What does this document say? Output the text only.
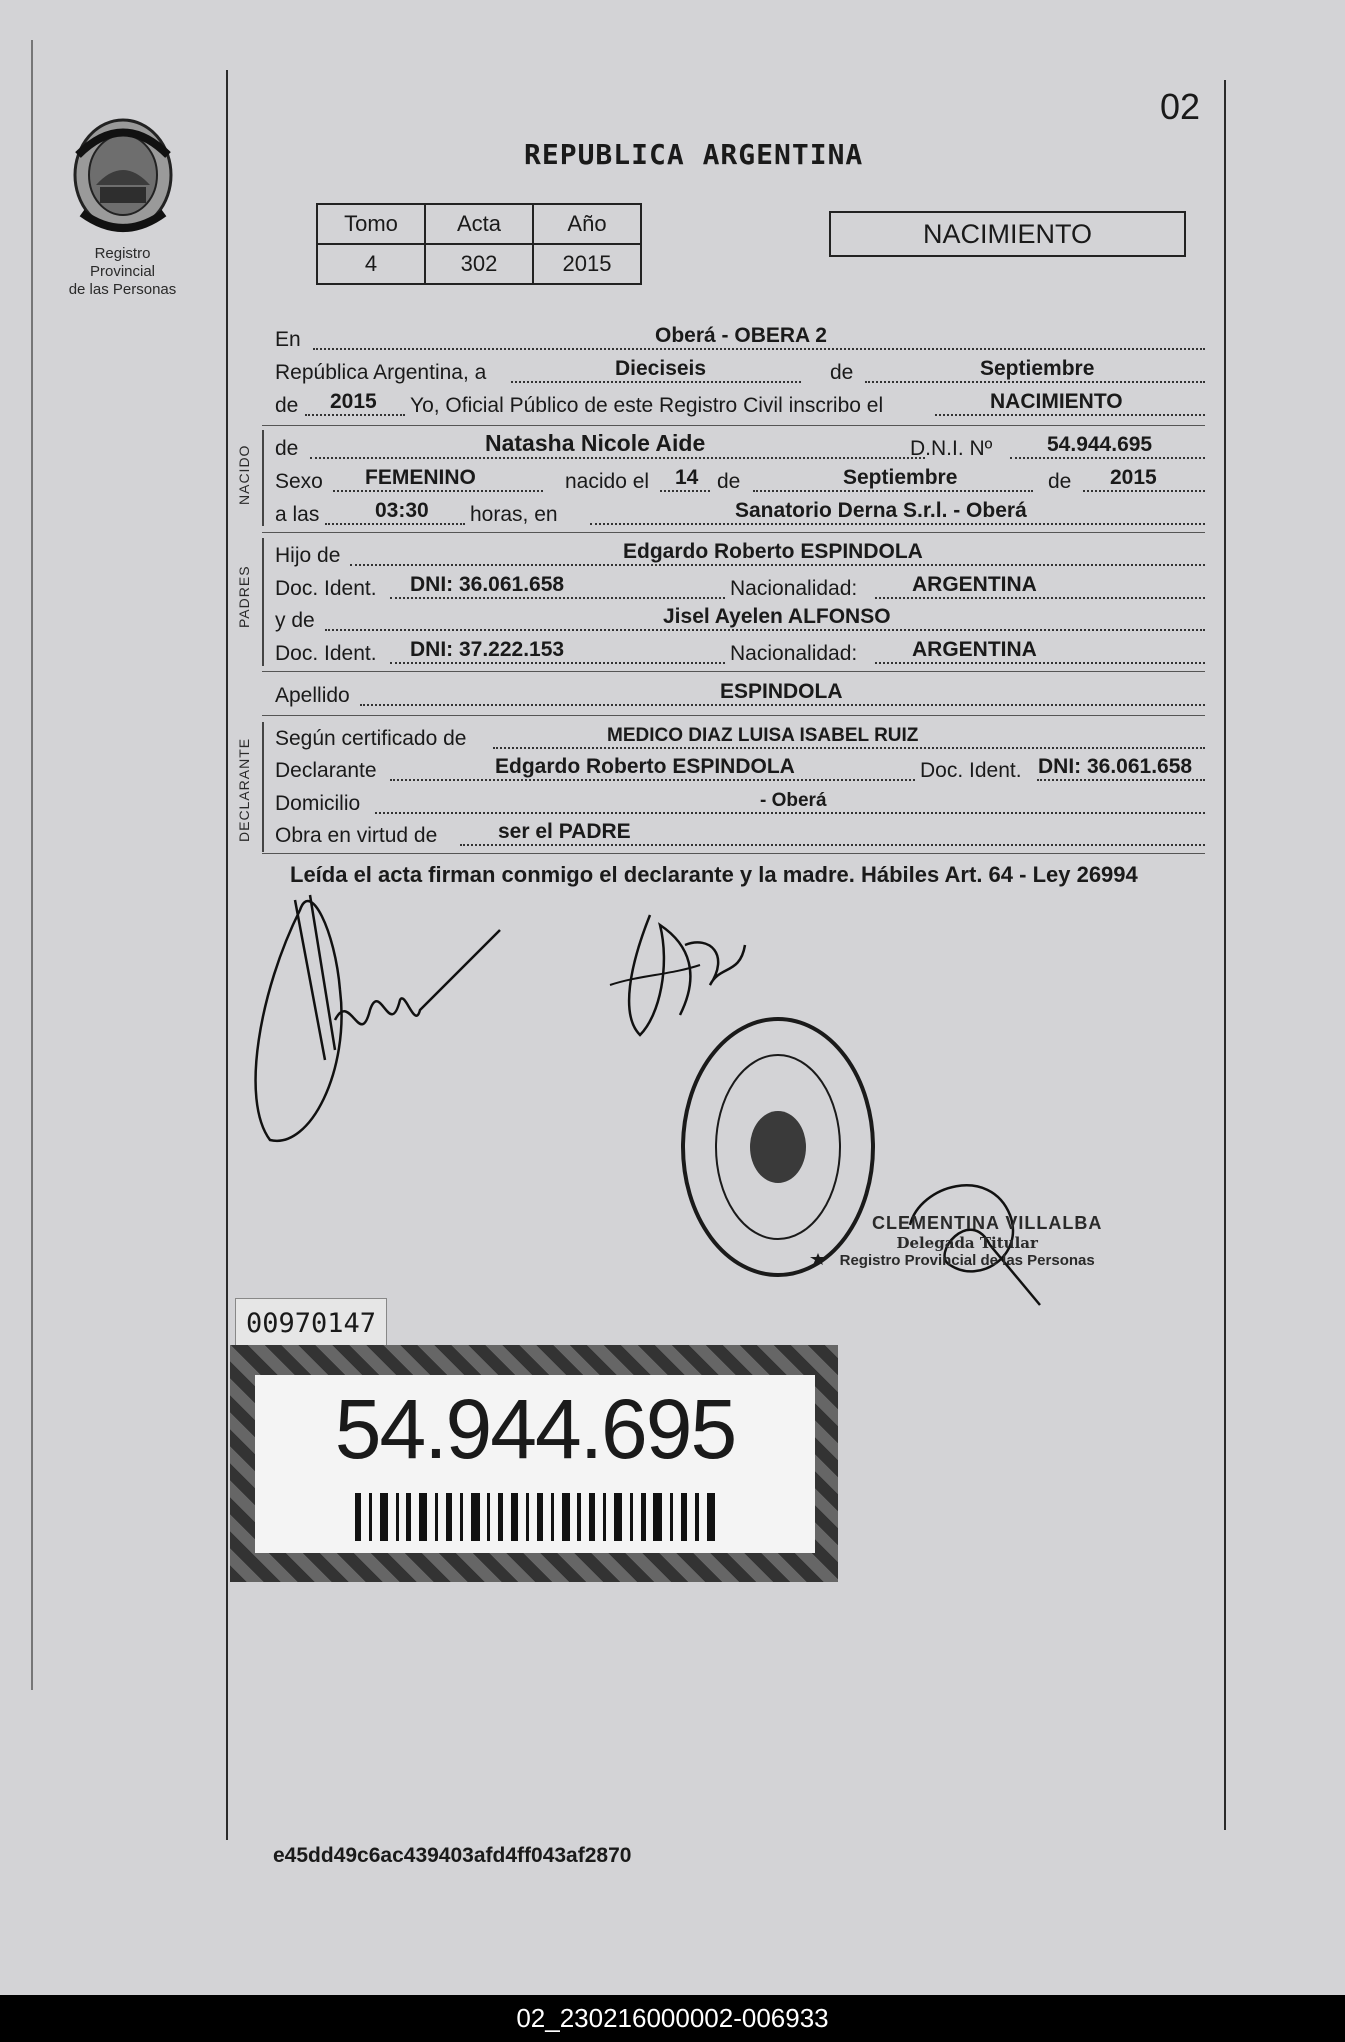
Registro Provincial
de las Personas
02
REPUBLICA ARGENTINA
Tomo	Acta	Año
4	302	2015
NACIMIENTO
En	Oberá - OBERA 2
República Argentina, a	Dieciseis	de	Septiembre
de 2015 Yo, Oficial Público de este Registro Civil inscribo el	NACIMIENTO
NACIDO de	Natasha Nicole Aide	D.N.I. Nº	54.944.695
Sexo FEMENINO	nacido el 14 de	Septiembre	de 2015
a las	03:30 horas, en	Sanatorio Derna S.r.l. - Oberá
PADRES
Hijo de	Edgardo Roberto ESPINDOLA
Doc. Ident. DNI: 36.061.658	Nacionalidad:	ARGENTINA
y de	Jisel Ayelen ALFONSO
Doc. Ident. DNI: 37.222.153	Nacionalidad:	ARGENTINA
Apellido	ESPINDOLA
DECLARANTE Según certificado de	MEDICO DIAZ LUISA ISABEL RUIZ
Declarante	Edgardo Roberto ESPINDOLA	Doc. Ident. DNI: 36.061.658
Domicilio	- Oberá
Obra en virtud de	ser el PADRE
Leída el acta firman conmigo el declarante y la madre. Hábiles Art. 64 - Ley 26994
CLEMENTINA VILLALBA
Delegada Titular
Registro Provincial de las Personas
00970147
54.944.695
e45dd49c6ac439403afd4ff043af2870
02_230216000002-006933
